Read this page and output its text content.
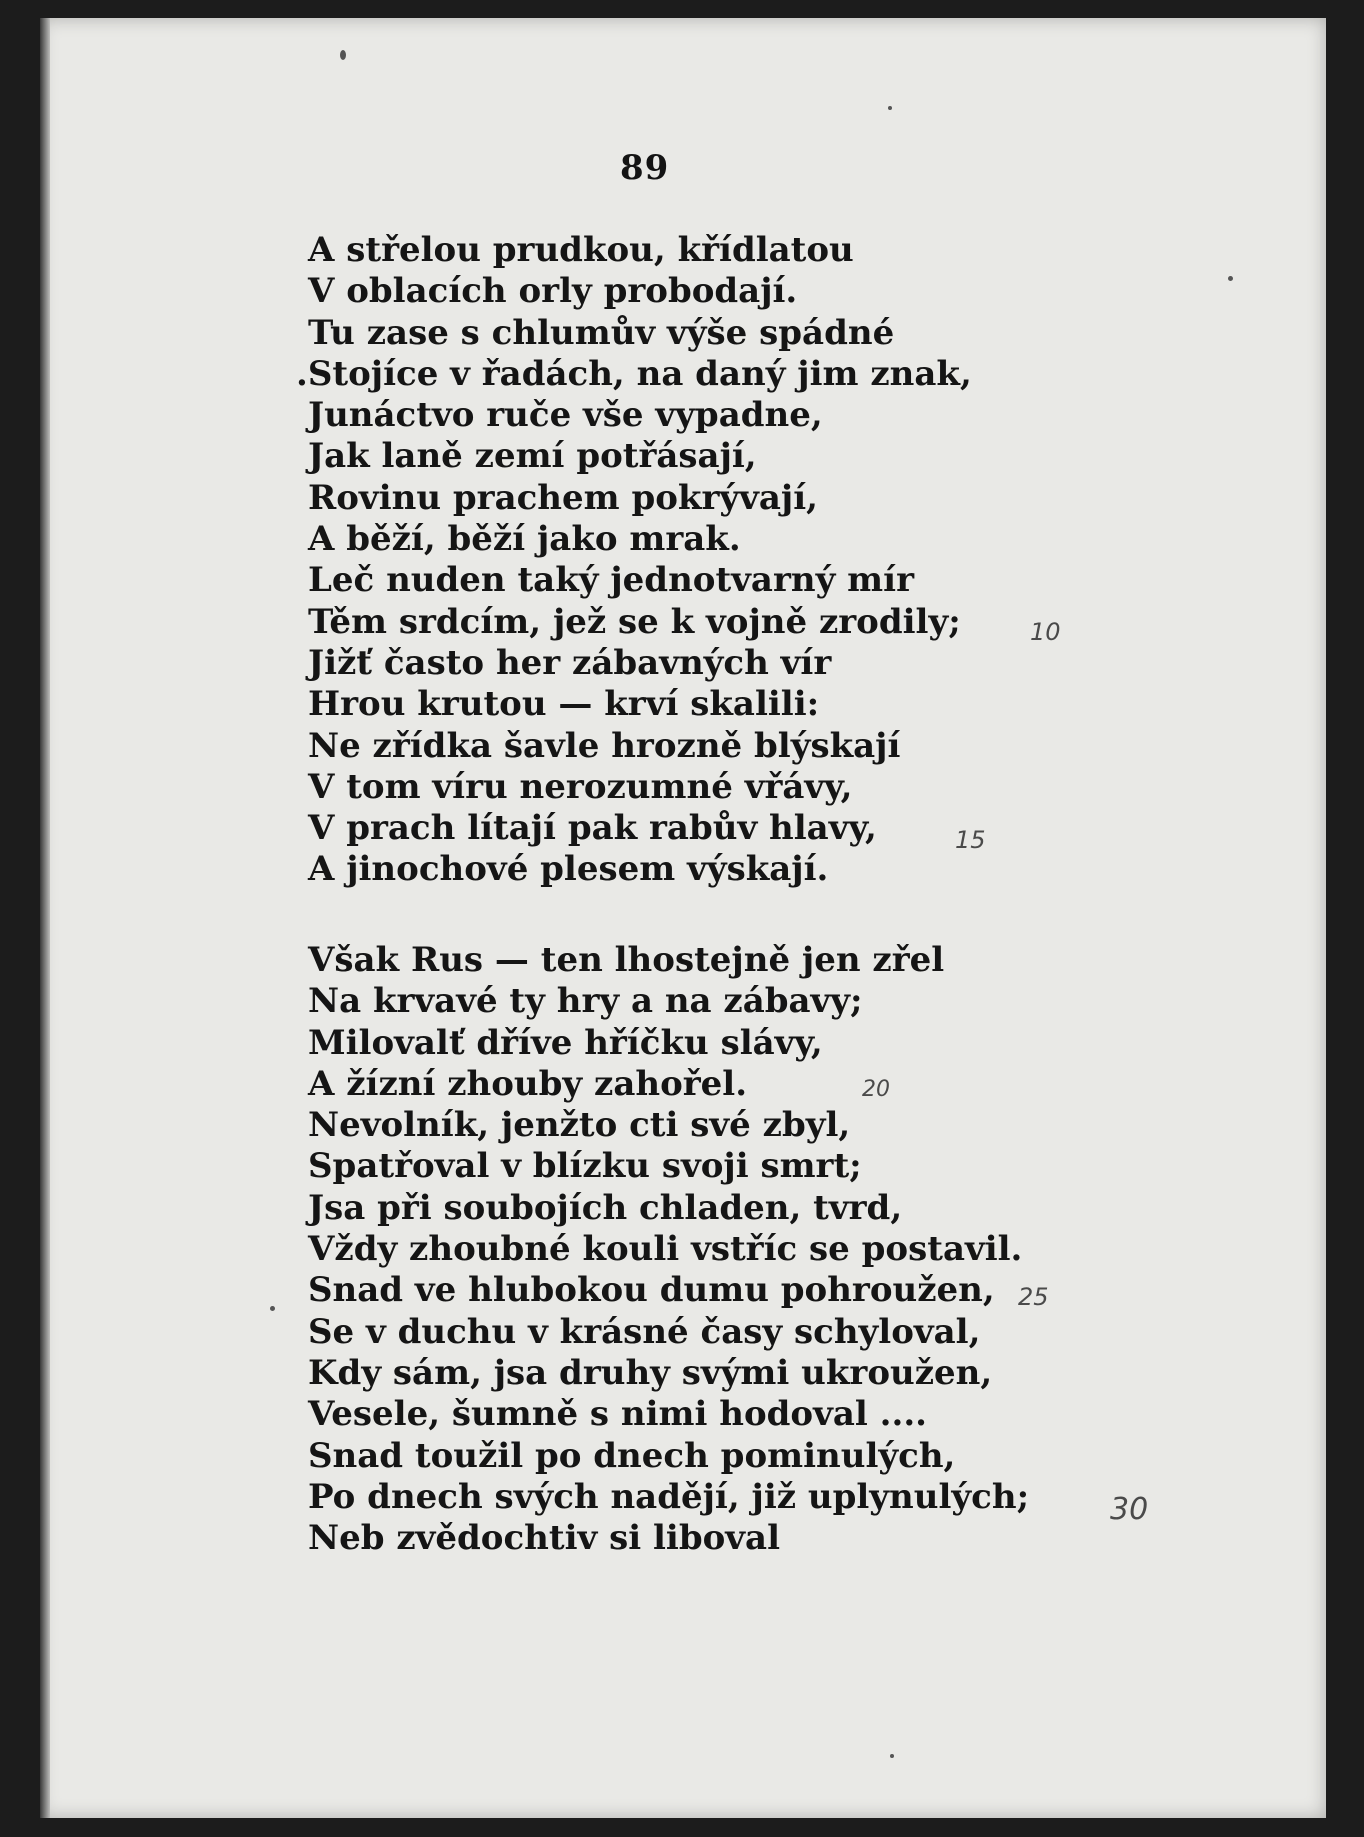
89
A střelou prudkou, křídlatou
V oblacích orly probodají.
Tu zase s chlumův výše spádné
.Stojíce v řadách, na daný jim znak,
Junáctvo ruče vše vypadne,
Jak laně zemí potřásají,
Rovinu prachem pokrývají,
A běží, běží jako mrak.
Leč nuden taký jednotvarný mír
Těm srdcím, jež se k vojně zrodily;
Jižť často her zábavných vír
Hrou krutou — krví skalili:
Ne zřídka šavle hrozně blýskají
V tom víru nerozumné vřávy,
V prach lítají pak rabův hlavy,
A jinochové plesem výskají.
Však Rus — ten lhostejně jen zřel
Na krvavé ty hry a na zábavy;
Milovalť dříve hříčku slávy,
A žízní zhouby zahořel.
Nevolník, jenžto cti své zbyl,
Spatřoval v blízku svoji smrt;
Jsa při soubojích chladen, tvrd,
Vždy zhoubné kouli vstříc se postavil.
Snad ve hlubokou dumu pohroužen,
Se v duchu v krásné časy schyloval,
Kdy sám, jsa druhy svými ukroužen,
Vesele, šumně s nimi hodoval ....
Snad toužil po dnech pominulých,
Po dnech svých nadějí, již uplynulých;
Neb zvědochtiv si liboval
10
15
20
25
30
